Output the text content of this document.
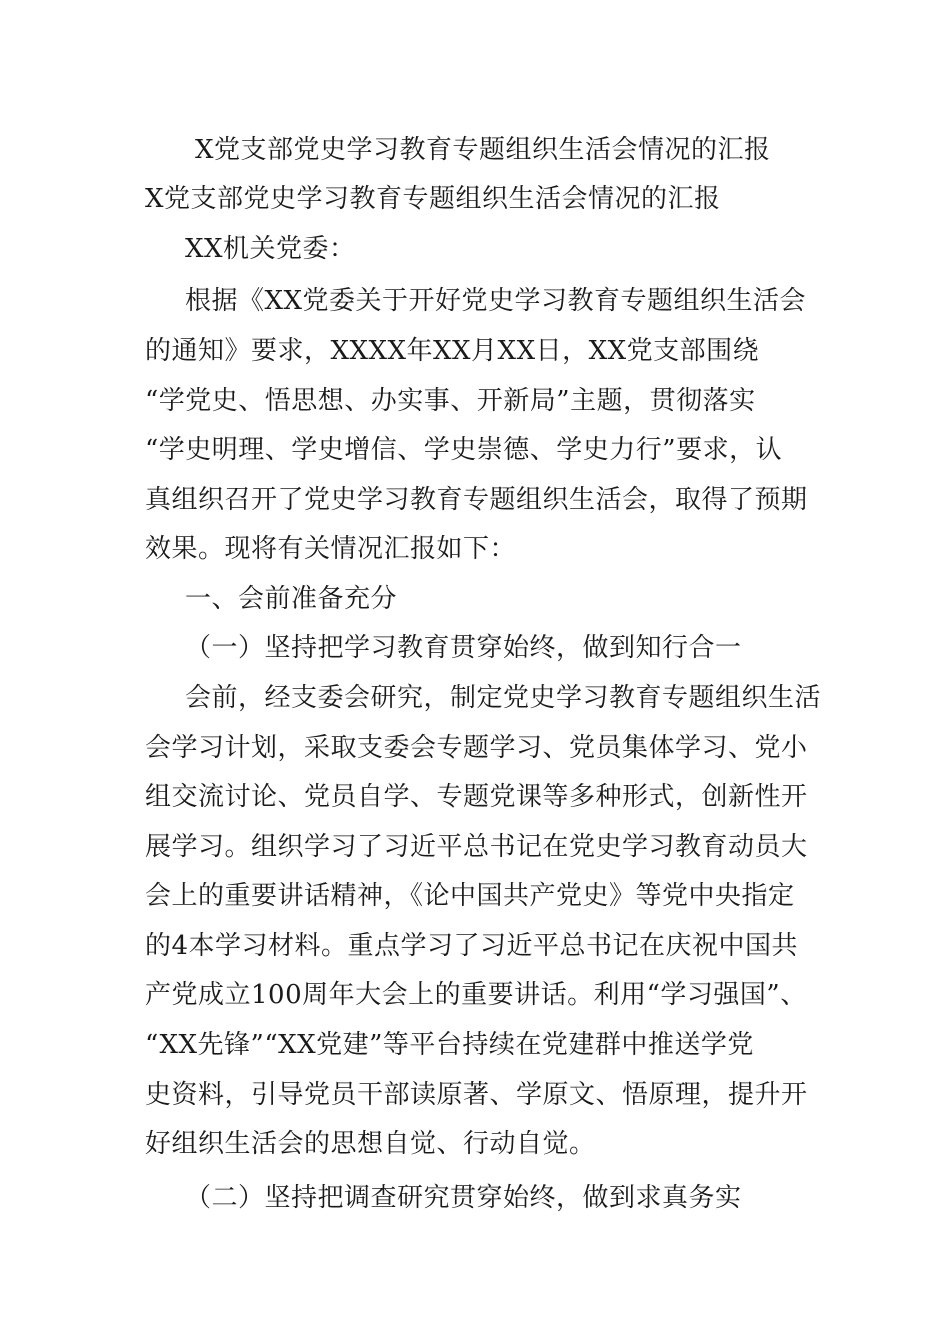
X党支部党史学习教育专题组织生活会情况的汇报
X党支部党史学习教育专题组织生活会情况的汇报
XX机关党委：
根据《XX党委关于开好党史学习教育专题组织生活会
的通知》要求，XXXX年XX月XX日，XX党支部围绕
“学党史、悟思想、办实事、开新局”主题，贯彻落实
“学史明理、学史增信、学史崇德、学史力行”要求，认
真组织召开了党史学习教育专题组织生活会，取得了预期
效果。现将有关情况汇报如下：
一、会前准备充分
（一）坚持把学习教育贯穿始终，做到知行合一
会前，经支委会研究，制定党史学习教育专题组织生活
会学习计划，采取支委会专题学习、党员集体学习、党小
组交流讨论、党员自学、专题党课等多种形式，创新性开
展学习。组织学习了习近平总书记在党史学习教育动员大
会上的重要讲话精神，《论中国共产党史》等党中央指定
的4本学习材料。重点学习了习近平总书记在庆祝中国共
产党成立100周年大会上的重要讲话。利用“学习强国”、
“XX先锋”“XX党建”等平台持续在党建群中推送学党
史资料，引导党员干部读原著、学原文、悟原理，提升开
好组织生活会的思想自觉、行动自觉。
（二）坚持把调查研究贯穿始终，做到求真务实
